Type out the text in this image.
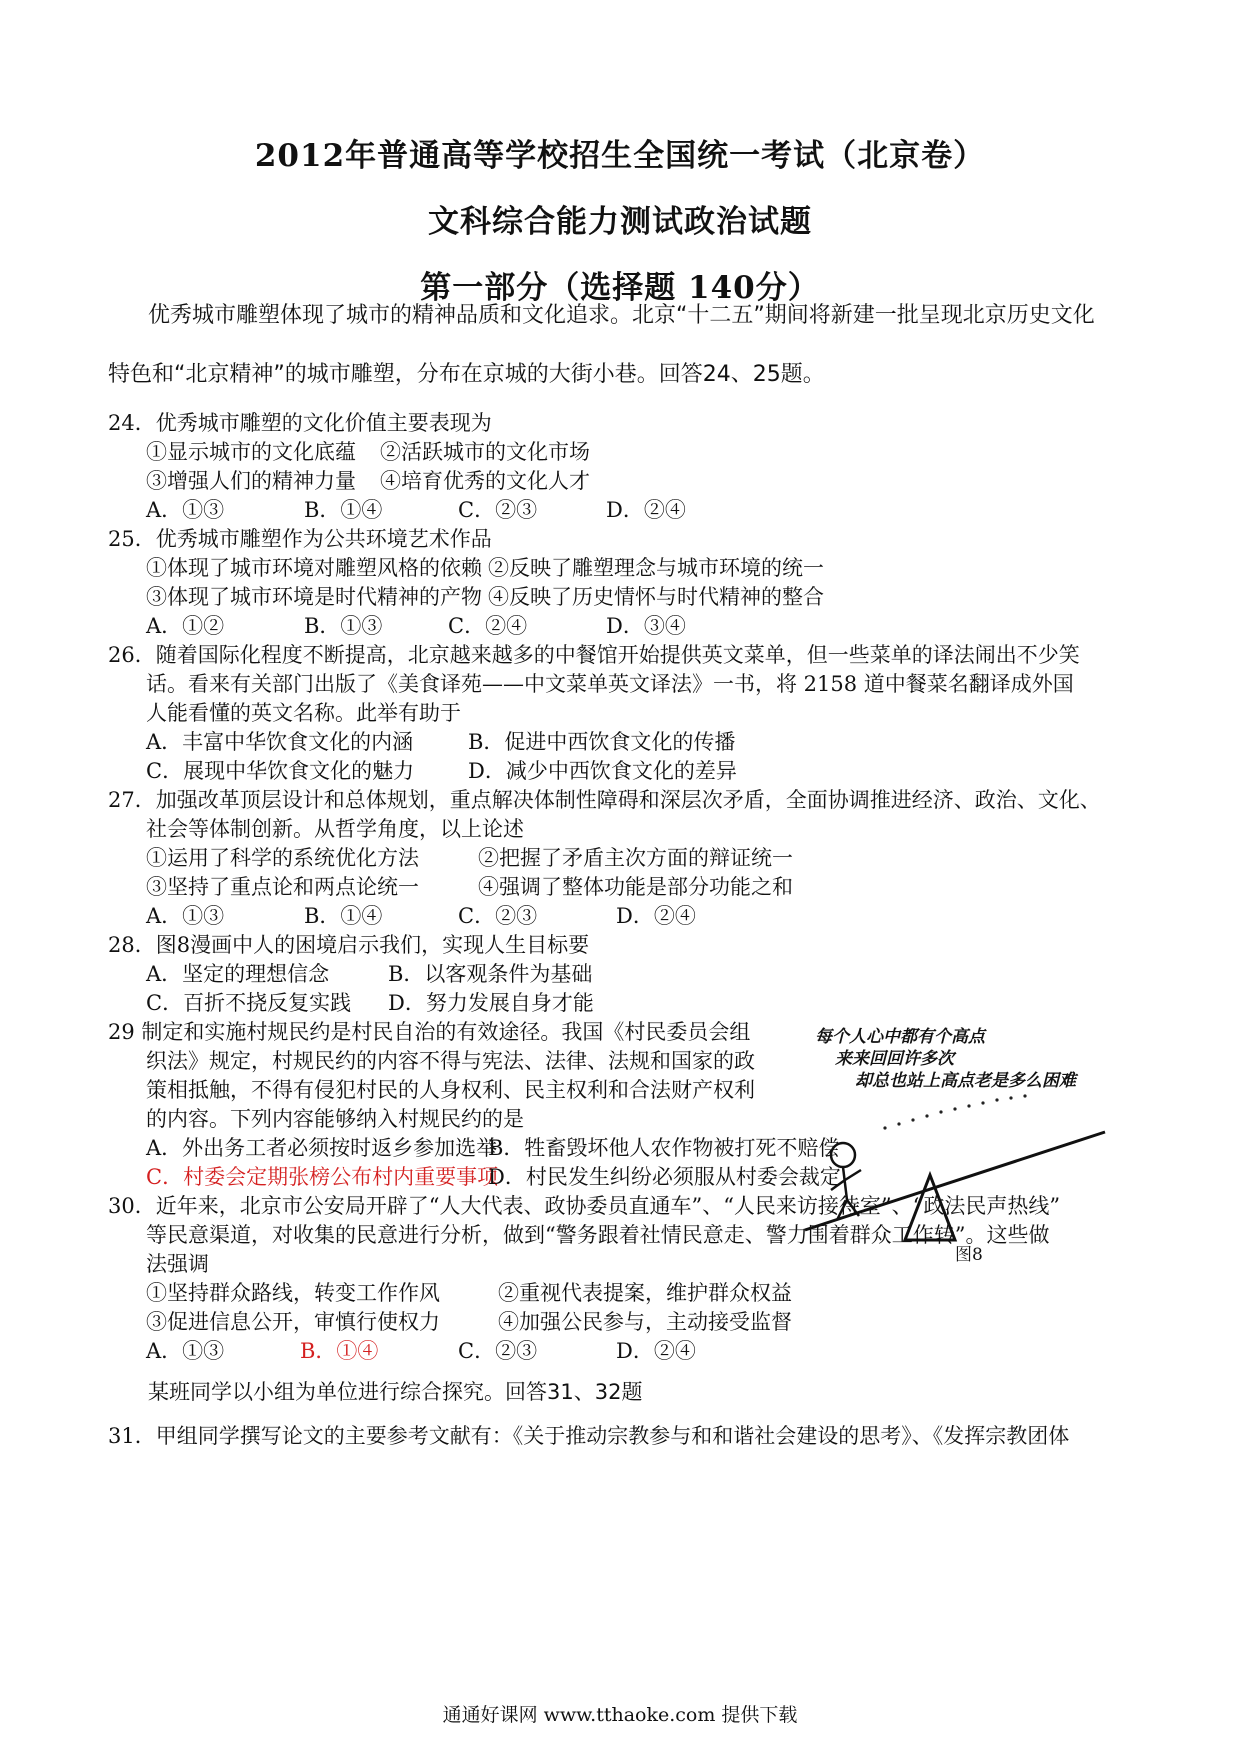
2012年普通高等学校招生全国统一考试（北京卷）
文科综合能力测试政治试题
第一部分（选择题 140分）
优秀城市雕塑体现了城市的精神品质和文化追求。北京“十二五”期间将新建一批呈现北京历史文化
特色和“北京精神”的城市雕塑，分布在京城的大街小巷。回答24、25题。
24．优秀城市雕塑的文化价值主要表现为
①显示城市的文化底蕴 ②活跃城市的文化市场
③增强人们的精神力量 ④培育优秀的文化人才
A．①③	B．①④	C．②③	D．②④
25．优秀城市雕塑作为公共环境艺术作品
①体现了城市环境对雕塑风格的依赖 ②反映了雕塑理念与城市环境的统一
③体现了城市环境是时代精神的产物 ④反映了历史情怀与时代精神的整合
A．①②	B．①③	C．②④	D．③④
26．随着国际化程度不断提高，北京越来越多的中餐馆开始提供英文菜单，但一些菜单的译法闹出不少笑
话。看来有关部门出版了《美食译苑——中文菜单英文译法》一书，将 2158 道中餐菜名翻译成外国
人能看懂的英文名称。此举有助于
A．丰富中华饮食文化的内涵	B．促进中西饮食文化的传播
C．展现中华饮食文化的魅力	D．减少中西饮食文化的差异
27．加强改革顶层设计和总体规划，重点解决体制性障碍和深层次矛盾，全面协调推进经济、政治、文化、
社会等体制创新。从哲学角度，以上论述
①运用了科学的系统优化方法	②把握了矛盾主次方面的辩证统一
③坚持了重点论和两点论统一	④强调了整体功能是部分功能之和
A．①③	B．①④	C．②③	D．②④
28．图8漫画中人的困境启示我们，实现人生目标要
A．坚定的理想信念	B．以客观条件为基础
C．百折不挠反复实践 D．努力发展自身才能
每个人心中都有个高点
来来回回许多次
却总也站上高点老是多么困难
图8
29 制定和实施村规民约是村民自治的有效途径。我国《村民委员会组
织法》规定，村规民约的内容不得与宪法、法律、法规和国家的政
策相抵触，不得有侵犯村民的人身权利、民主权利和合法财产权利
的内容。下列内容能够纳入村规民约的是
A．外出务工者必须按时返乡参加选举
B．牲畜毁坏他人农作物被打死不赔偿
C．村委会定期张榜公布村内重要事项
D．村民发生纠纷必须服从村委会裁定
30．近年来，北京市公安局开辟了“人大代表、政协委员直通车”、“人民来访接待室”、“政法民声热线”
等民意渠道，对收集的民意进行分析，做到“警务跟着社情民意走、警力围着群众工作转”。这些做
法强调
①坚持群众路线，转变工作作风	②重视代表提案，维护群众权益
③促进信息公开，审慎行使权力	④加强公民参与，主动接受监督
A．①③	B．①④	C．②③	D．②④
某班同学以小组为单位进行综合探究。回答31、32题
31．甲组同学撰写论文的主要参考文献有：《关于推动宗教参与和和谐社会建设的思考》、《发挥宗教团体
通通好课网 www.tthaoke.com 提供下载
